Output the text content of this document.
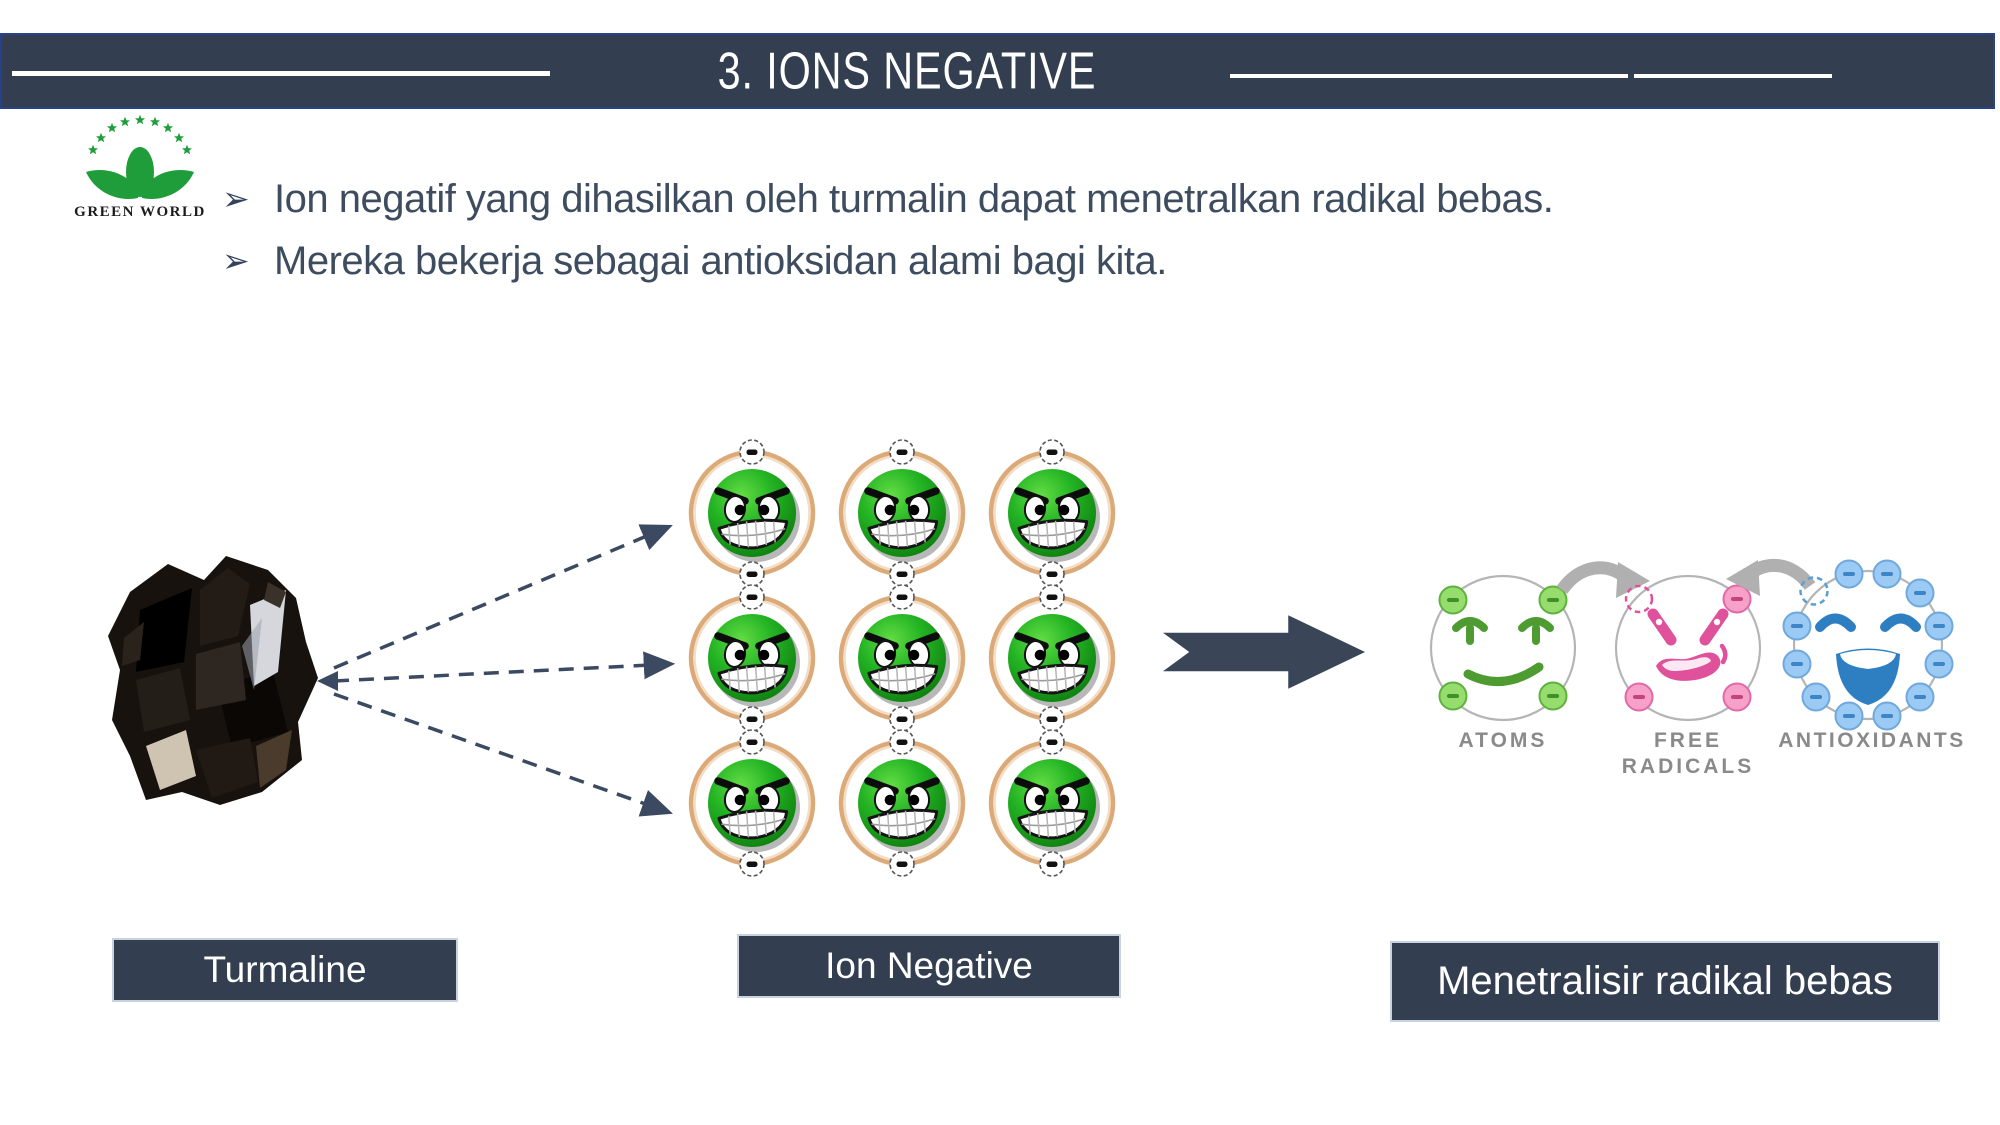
3. IONS NEGATIVE
GREEN WORLD ➢ Ion negatif yang dihasilkan oleh turmalin dapat menetralkan radikal bebas.
➢ Mereka bekerja sebagai antioksidan alami bagi kita.
ATOMS	FREE
RADICALS
ANTIOXIDANTS
Turmaline	Ion Negative	Menetralisir radikal bebas
